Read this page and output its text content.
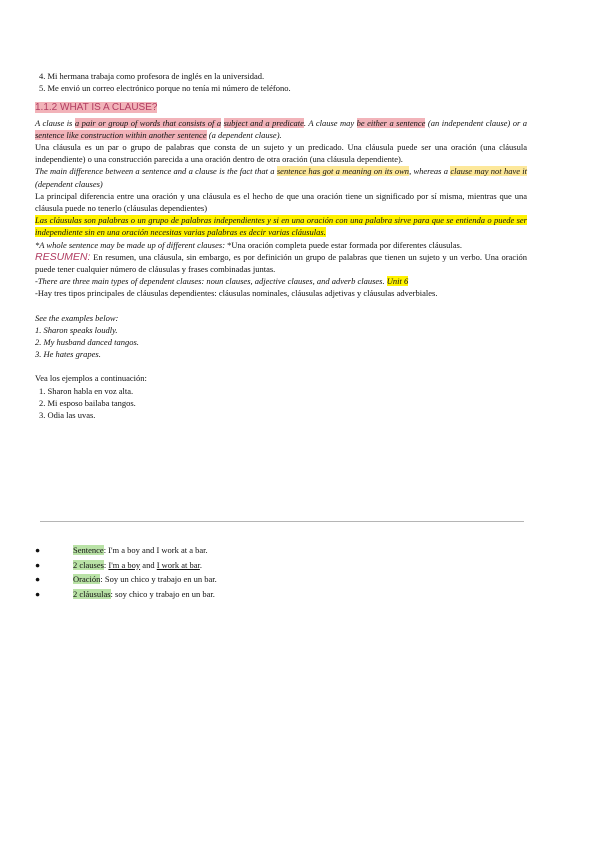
4. Mi hermana trabaja como profesora de inglés en la universidad.

5. Me envió un correo electrónico porque no tenía mi número de teléfono.

1.1.2 WHAT IS A CLAUSE?

A clause is a pair or group of words that consists of a subject and a predicate. A clause may be either a sentence (an independent clause) or a sentence like construction within another sentence (a dependent clause).

Una cláusula es un par o grupo de palabras que consta de un sujeto y un predicado. Una cláusula puede ser una oración (una cláusula independiente) o una construcción parecida a una oración dentro de otra oración (una cláusula dependiente).

The main difference between a sentence and a clause is the fact that a sentence has got a meaning on its own, whereas a clause may not have it (dependent clauses)

La principal diferencia entre una oración y una cláusula es el hecho de que una oración tiene un significado por sí misma, mientras que una cláusula puede no tenerlo (cláusulas dependientes)

Las cláusulas son palabras o un grupo de palabras independientes y si en una oración con una palabra sirve para que se entienda o puede ser independiente sin en una oración necesitas varias palabras es decir varias cláusulas.

*A whole sentence may be made up of different clauses: *Una oración completa puede estar formada por diferentes cláusulas.

RESUMEN: En resumen, una cláusula, sin embargo, es por definición un grupo de palabras que tienen un sujeto y un verbo. Una oración puede tener cualquier número de cláusulas y frases combinadas juntas.

-There are three main types of dependent clauses: noun clauses, adjective clauses, and adverb clauses. Unit 6

-Hay tres tipos principales de cláusulas dependientes: cláusulas nominales, cláusulas adjetivas y cláusulas adverbiales.

See the examples below:

1. Sharon speaks loudly.

2. My husband danced tangos.

3. He hates grapes.

Vea los ejemplos a continuación:

1. Sharon habla en voz alta.

2. Mi esposo bailaba tangos.

3. Odia las uvas.

●	Sentence: I'm a boy and I work at a bar.
●	2 clauses: I'm a boy and I work at bar.
●	Oración: Soy un chico y trabajo en un bar.
●	2 cláusulas: soy chico y trabajo en un bar.
